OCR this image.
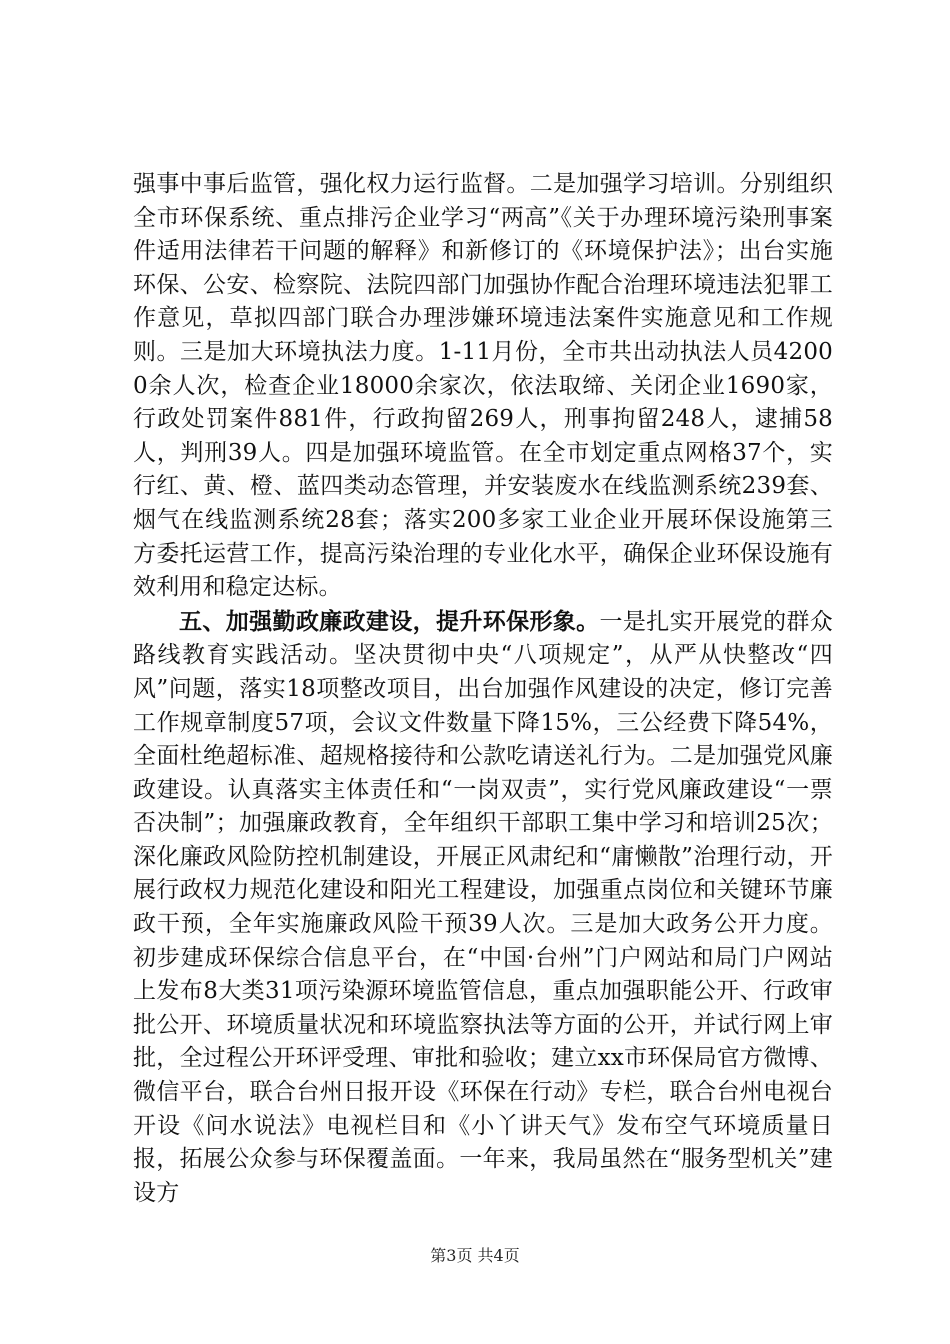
强事中事后监管，强化权力运行监督。二是加强学习培训。分别组织全市环保系统、重点排污企业学习“两高”《关于办理环境污染刑事案件适用法律若干问题的解释》和新修订的《环境保护法》；出台实施环保、公安、检察院、法院四部门加强协作配合治理环境违法犯罪工作意见，草拟四部门联合办理涉嫌环境违法案件实施意见和工作规则。三是加大环境执法力度。1-11月份，全市共出动执法人员42000余人次，检查企业18000余家次，依法取缔、关闭企业1690家，行政处罚案件881件，行政拘留269人，刑事拘留248人，逮捕58人，判刑39人。四是加强环境监管。在全市划定重点网格37个，实行红、黄、橙、蓝四类动态管理，并安装废水在线监测系统239套、烟气在线监测系统28套；落实200多家工业企业开展环保设施第三方委托运营工作，提高污染治理的专业化水平，确保企业环保设施有效利用和稳定达标。

五、加强勤政廉政建设，提升环保形象。一是扎实开展党的群众路线教育实践活动。坚决贯彻中央“八项规定”，从严从快整改“四风”问题，落实18项整改项目，出台加强作风建设的决定，修订完善工作规章制度57项，会议文件数量下降15%，三公经费下降54%，全面杜绝超标准、超规格接待和公款吃请送礼行为。二是加强党风廉政建设。认真落实主体责任和“一岗双责”，实行党风廉政建设“一票否决制”；加强廉政教育，全年组织干部职工集中学习和培训25次；深化廉政风险防控机制建设，开展正风肃纪和“庸懒散”治理行动，开展行政权力规范化建设和阳光工程建设，加强重点岗位和关键环节廉政干预，全年实施廉政风险干预39人次。三是加大政务公开力度。初步建成环保综合信息平台，在“中国·台州”门户网站和局门户网站上发布8大类31项污染源环境监管信息，重点加强职能公开、行政审批公开、环境质量状况和环境监察执法等方面的公开，并试行网上审批，全过程公开环评受理、审批和验收；建立xx市环保局官方微博、微信平台，联合台州日报开设《环保在行动》专栏，联合台州电视台开设《问水说法》电视栏目和《小丫讲天气》发布空气环境质量日报，拓展公众参与环保覆盖面。一年来，我局虽然在“服务型机关”建设方

第3页 共4页
